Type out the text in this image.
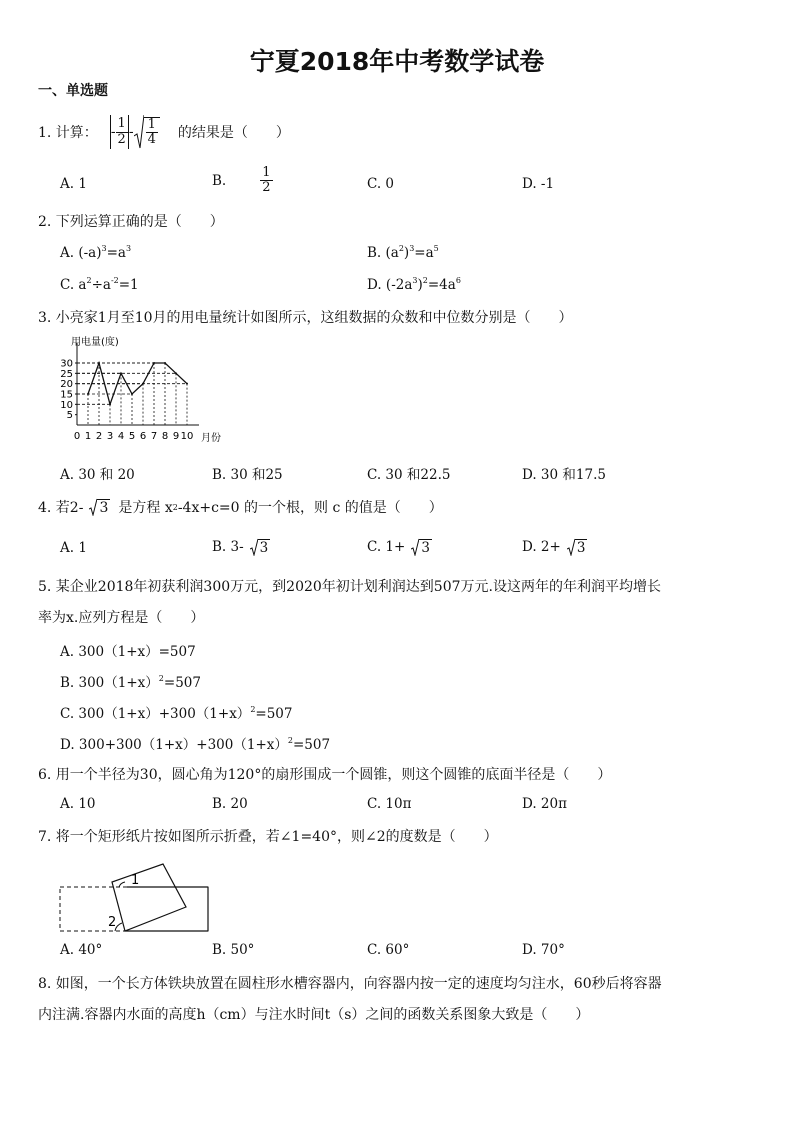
宁夏2018年中考数学试卷
一、单选题
1. 计算： - $\frac{1}{2} - \frac{1}{4}$ 的结果是（　　）
A. 1	B.	$\frac{1}{2}$	C. 0	D. -1
2. 下列运算正确的是（　　）
A. $(-a)^3=a^3$	B. $(a^2)^3=a^5$
C. $a^2\div a^{-2}=1$	D. $(-2a^3)^2=4a^6$
3. 小亮家1月至10月的用电量统计如图所示，这组数据的众数和中位数分别是（　　）
用电量(度)
月份
5
10
15
20
25
30
0 1 2 3 4 5 6 7 8 9 10
A. 30 和 20	B. 30 和25	C. 30 和22.5	D. 30 和17.5
4. 若2- 3 是方程 x 2 -4x+c=0 的一个根，则 c 的值是（　　）
A. 1	B. 3- 3	C. 1+ 3	D. 2+ 3
5. 某企业2018年初获利润300万元，到2020年初计划利润达到507万元.设这两年的年利润平均增长
率为x.应列方程是（　　）
A. 300（1+x）=507
B. $300(1+x)^2=507$
C. $300(1+x)+300(1+x)^2=507$
D. $300+300(1+x)+300(1+x)^2=507$
6. 用一个半径为30，圆心角为120°的扇形围成一个圆锥，则这个圆锥的底面半径是（　　）
A. 10	B. 20	C. 10π	D. 20π
7. 将一个矩形纸片按如图所示折叠，若∠1=40°，则∠2的度数是（　　）
1
2
A. 40°	B. 50°	C. 60°	D. 70°
8. 如图，一个长方体铁块放置在圆柱形水槽容器内，向容器内按一定的速度均匀注水，60秒后将容器
内注满.容器内水面的高度h（cm）与注水时间t（s）之间的函数关系图象大致是（　　）
